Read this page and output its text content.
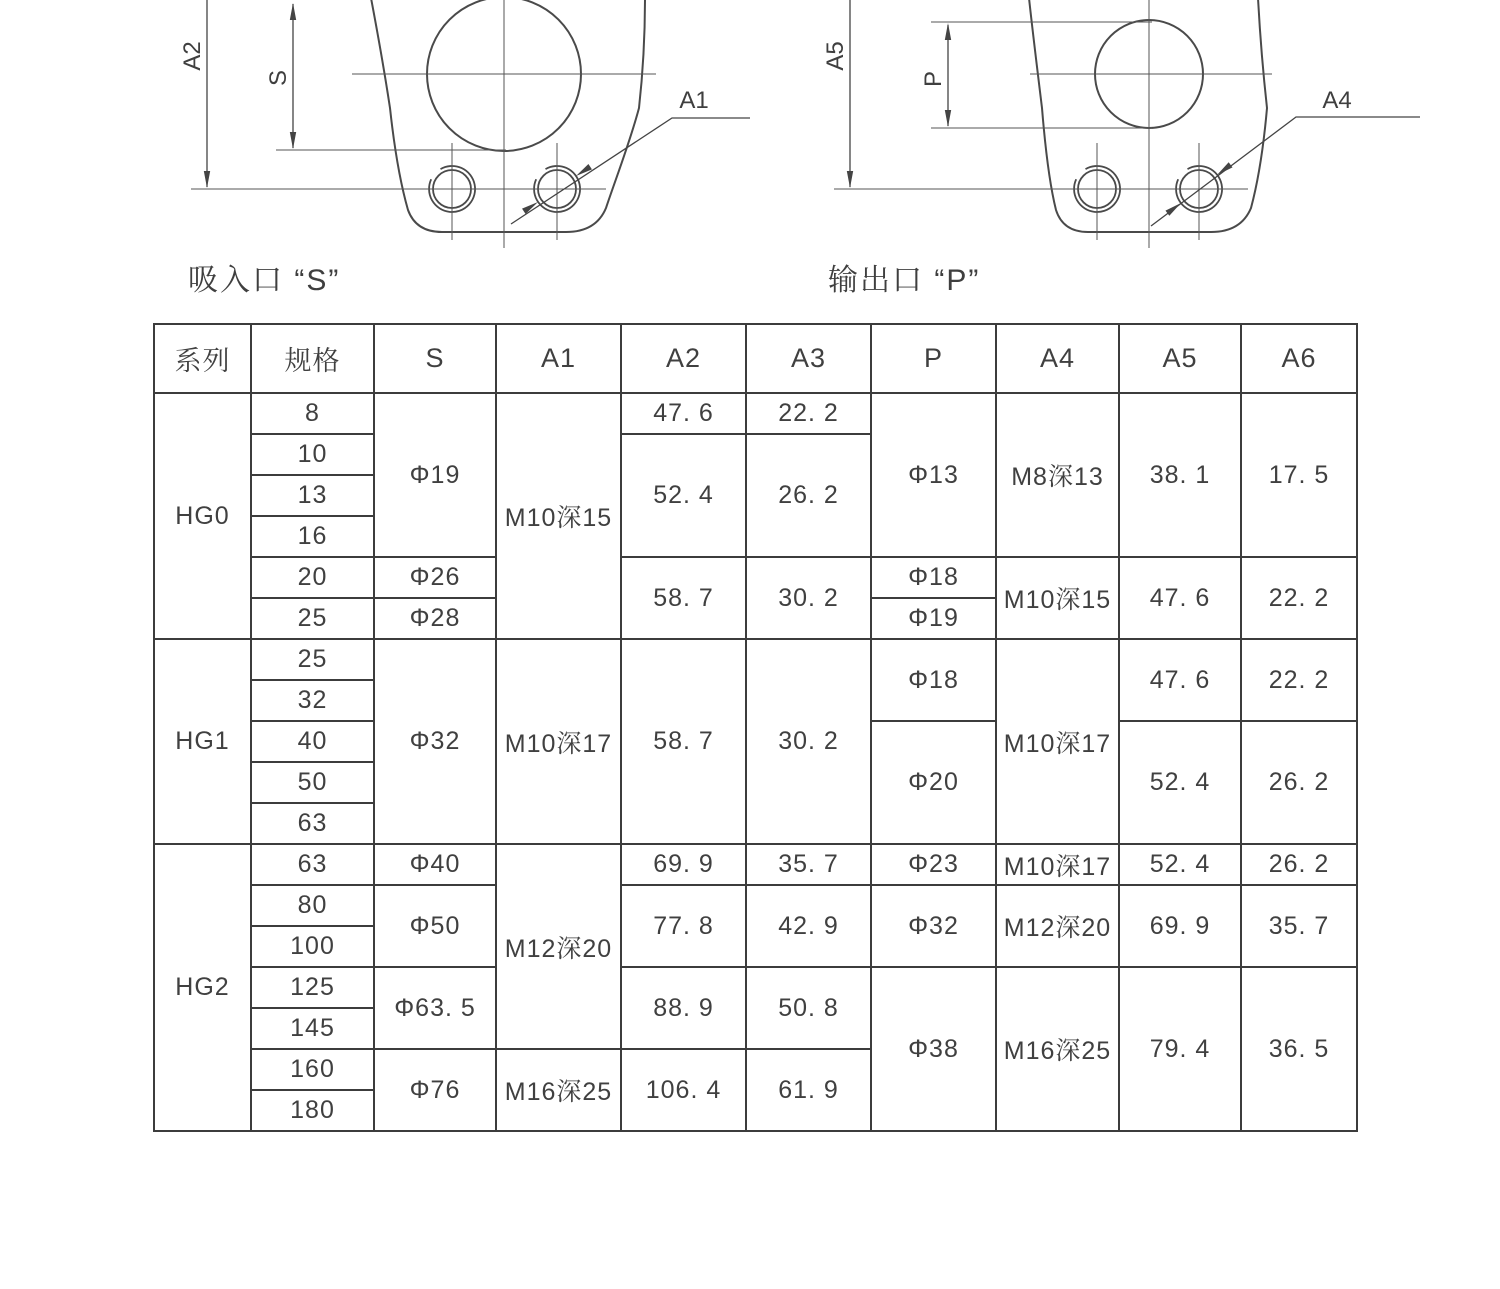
A2
S
A1
A5
P
A4
吸入口 “S”	输出口 “P”
系列	规格	S	A1	A2	A3	P	A4	A5	A6
HG0	8	Φ19	M10深15	47. 6	22. 2	Φ13	M8深13	38. 1	17. 5
	10			52. 4	26. 2				
	13								
	16								
	20	Φ26		58. 7	30. 2	Φ18	M10深15	47. 6	22. 2
	25	Φ28				Φ19			
HG1	25	Φ32	M10深17	58. 7	30. 2	Φ18	M10深17	47. 6	22. 2
	32								
	40					Φ20		52. 4	26. 2
	50								
	63								
HG2	63	Φ40	M12深20	69. 9	35. 7	Φ23	M10深17	52. 4	26. 2
	80	Φ50		77. 8	42. 9	Φ32	M12深20	69. 9	35. 7
	100								
	125	Φ63. 5		88. 9	50. 8	Φ38	M16深25	79. 4	36. 5
	145								
	160	Φ76	M16深25	106. 4	61. 9				
	180								
